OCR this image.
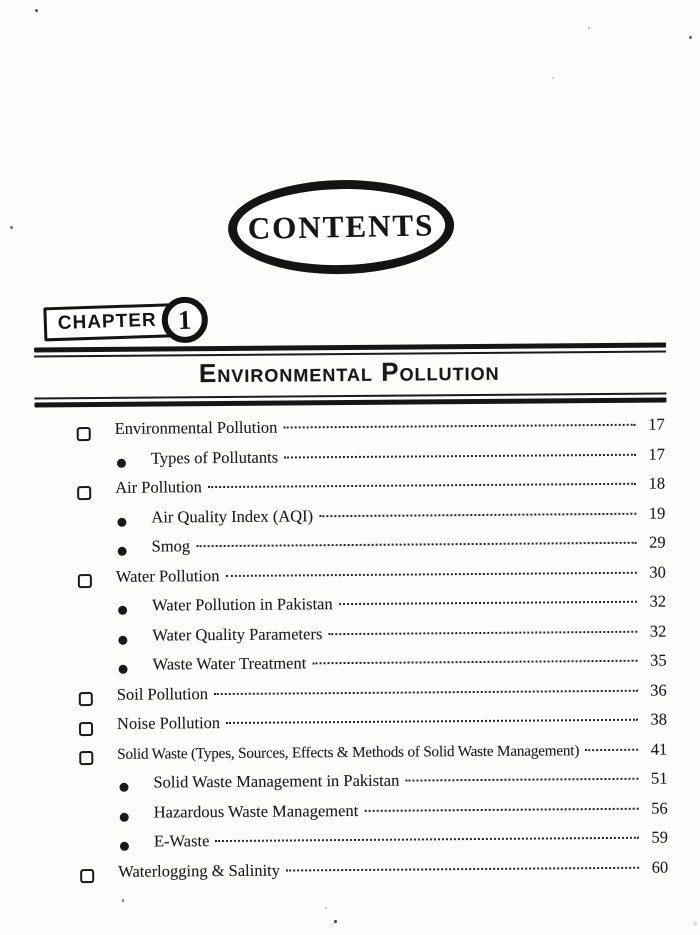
CONTENTS
CHAPTER 1
Environmental Pollution
Environmental Pollution	17
Types of Pollutants	17
Air Pollution	18
Air Quality Index (AQI)	19
Smog	29
Water Pollution	30
Water Pollution in Pakistan	32
Water Quality Parameters	32
Waste Water Treatment	35
Soil Pollution	36
Noise Pollution	38
Solid Waste (Types, Sources, Effects & Methods of Solid Waste Management)	41
Solid Waste Management in Pakistan	51
Hazardous Waste Management	56
E-Waste	59
Waterlogging & Salinity	60
